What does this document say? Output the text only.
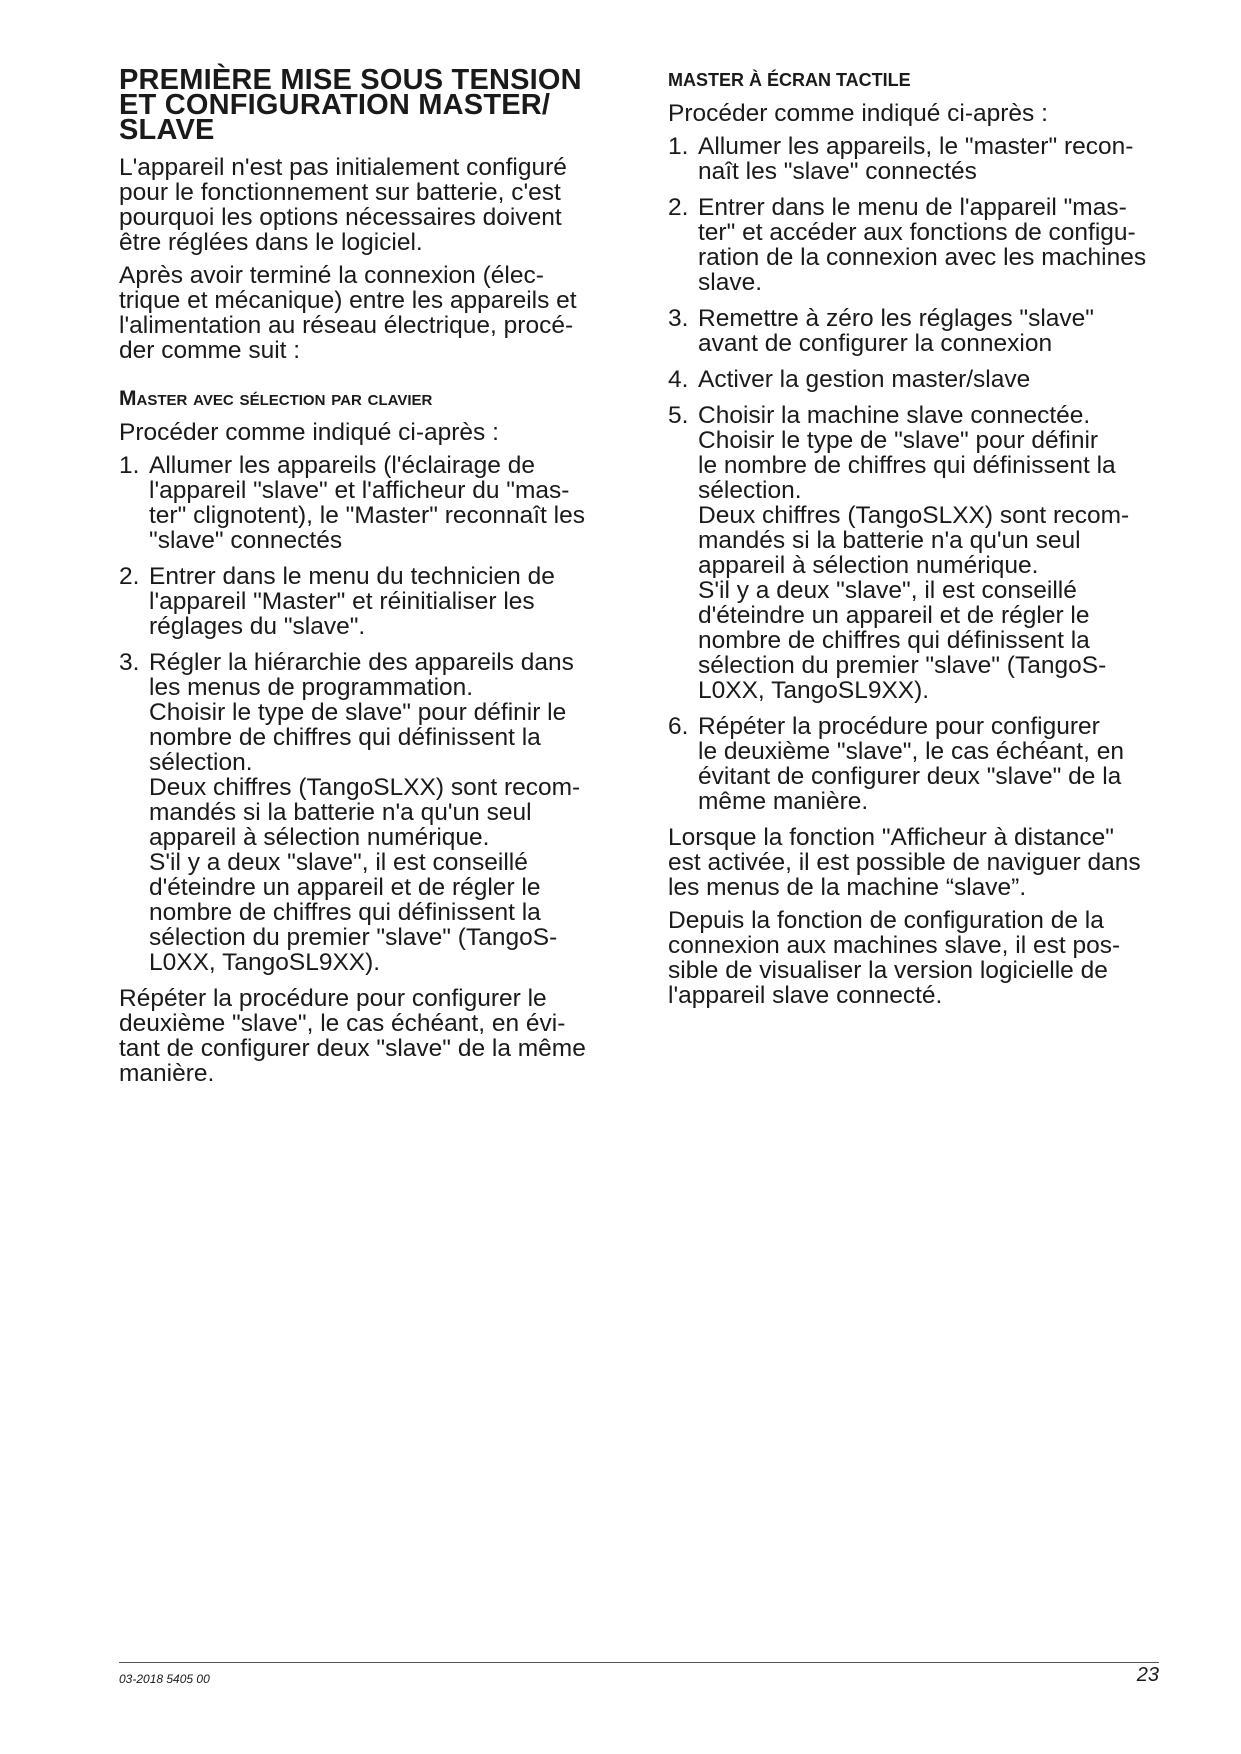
PREMIÈRE MISE SOUS TENSION
ET CONFIGURATION MASTER/
SLAVE

L'appareil n'est pas initialement configuré
pour le fonctionnement sur batterie, c'est
pourquoi les options nécessaires doivent
être réglées dans le logiciel.

Après avoir terminé la connexion (élec-
trique et mécanique) entre les appareils et
l'alimentation au réseau électrique, procé-
der comme suit :

Master avec sélection par clavier

Procéder comme indiqué ci-après :

1. Allumer les appareils (l'éclairage de
l'appareil "slave" et l'afficheur du "mas-
ter" clignotent), le "Master" reconnaît les
"slave" connectés
2. Entrer dans le menu du technicien de
l'appareil "Master" et réinitialiser les
réglages du "slave".
3. Régler la hiérarchie des appareils dans
les menus de programmation.
Choisir le type de slave" pour définir le
nombre de chiffres qui définissent la
sélection.
Deux chiffres (TangoSLXX) sont recom-
mandés si la batterie n'a qu'un seul
appareil à sélection numérique.
S'il y a deux "slave", il est conseillé
d'éteindre un appareil et de régler le
nombre de chiffres qui définissent la
sélection du premier "slave" (TangoS-
L0XX, TangoSL9XX).

Répéter la procédure pour configurer le
deuxième "slave", le cas échéant, en évi-
tant de configurer deux "slave" de la même
manière.

MASTER À ÉCRAN TACTILE

Procéder comme indiqué ci-après :

1. Allumer les appareils, le "master" recon-
naît les "slave" connectés
2. Entrer dans le menu de l'appareil "mas-
ter" et accéder aux fonctions de configu-
ration de la connexion avec les machines
slave.
3. Remettre à zéro les réglages "slave"
avant de configurer la connexion
4. Activer la gestion master/slave
5. Choisir la machine slave connectée.
Choisir le type de "slave" pour définir
le nombre de chiffres qui définissent la
sélection.
Deux chiffres (TangoSLXX) sont recom-
mandés si la batterie n'a qu'un seul
appareil à sélection numérique.
S'il y a deux "slave", il est conseillé
d'éteindre un appareil et de régler le
nombre de chiffres qui définissent la
sélection du premier "slave" (TangoS-
L0XX, TangoSL9XX).
6. Répéter la procédure pour configurer
le deuxième "slave", le cas échéant, en
évitant de configurer deux "slave" de la
même manière.

Lorsque la fonction "Afficheur à distance"
est activée, il est possible de naviguer dans
les menus de la machine “slave”.

Depuis la fonction de configuration de la
connexion aux machines slave, il est pos-
sible de visualiser la version logicielle de
l'appareil slave connecté.

03-2018 5405 00	23
